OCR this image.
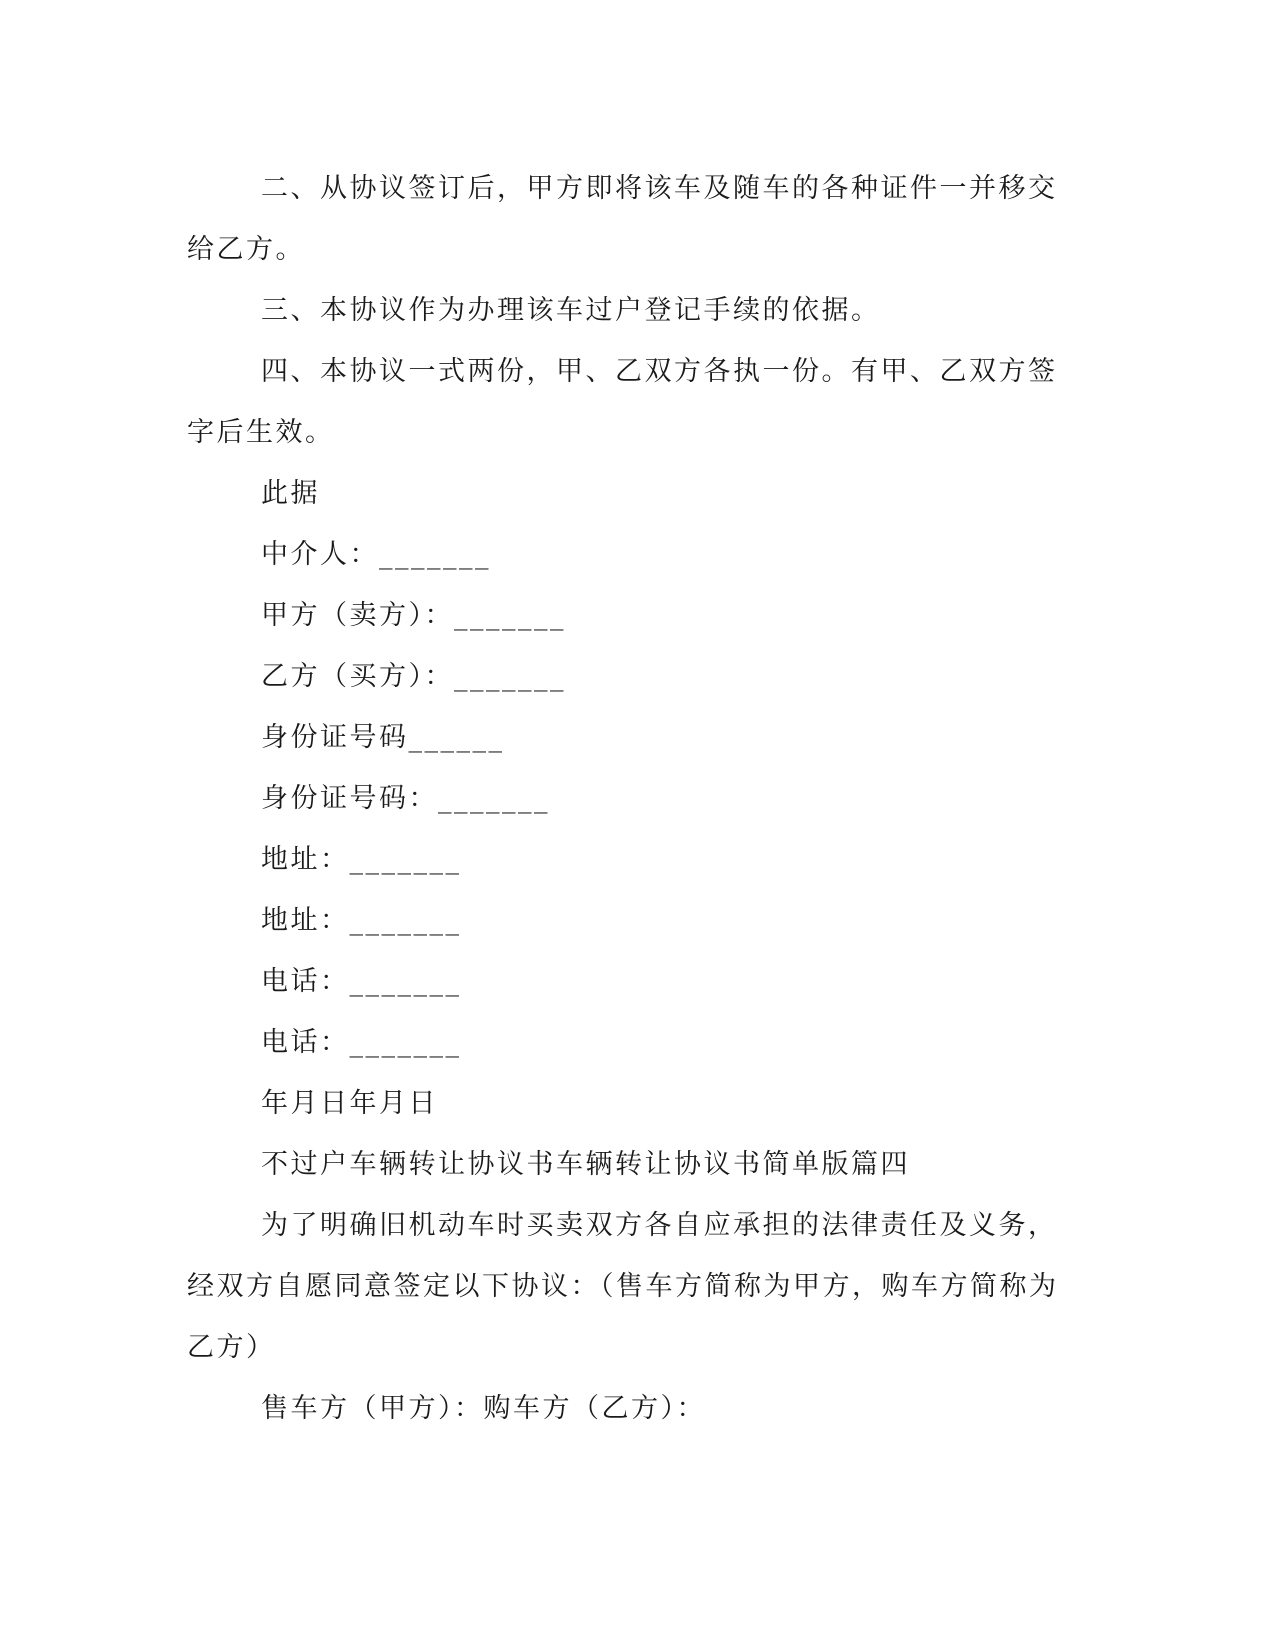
二、从协议签订后，甲方即将该车及随车的各种证件一并移交给乙方。

三、本协议作为办理该车过户登记手续的依据。

四、本协议一式两份，甲、乙双方各执一份。有甲、乙双方签字后生效。

此据

中介人：_______

甲方（卖方）：_______

乙方（买方）：_______

身份证号码______

身份证号码：_______

地址：_______

地址：_______

电话：_______

电话：_______

年月日年月日

不过户车辆转让协议书车辆转让协议书简单版篇四

为了明确旧机动车时买卖双方各自应承担的法律责任及义务，经双方自愿同意签定以下协议：（售车方简称为甲方，购车方简称为乙方）

售车方（甲方）：购车方（乙方）：
